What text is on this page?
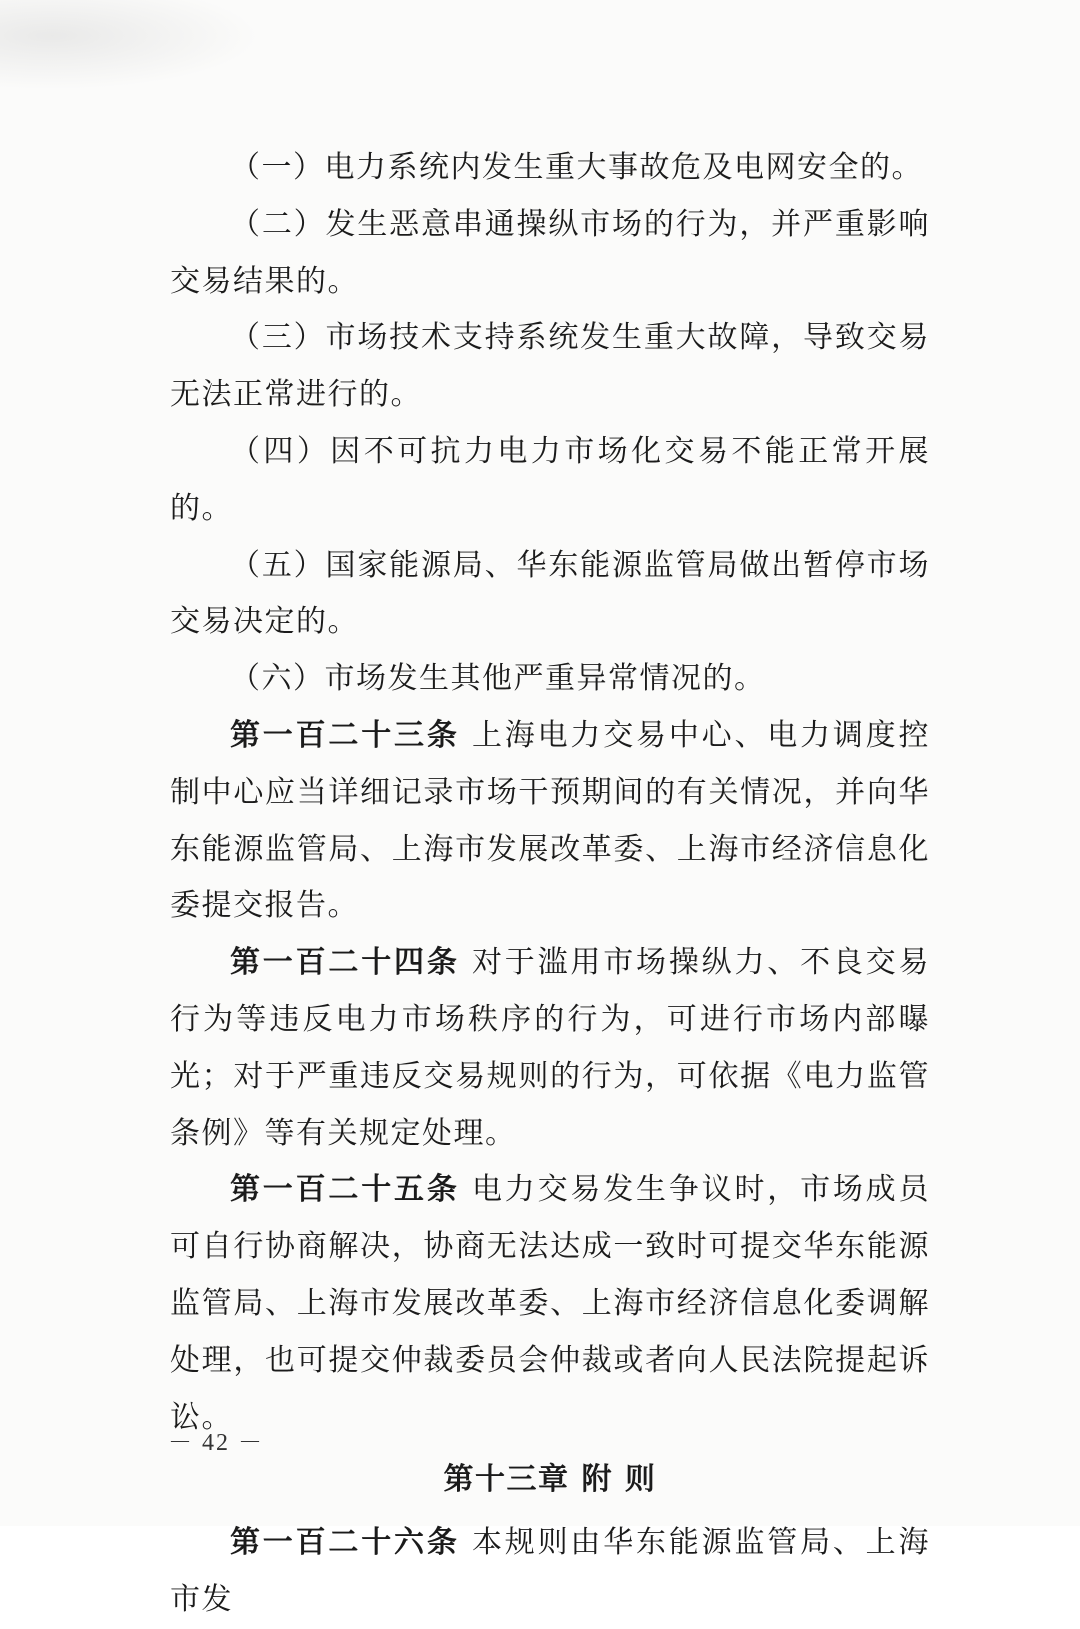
（一）电力系统内发生重大事故危及电网安全的。

（二）发生恶意串通操纵市场的行为，并严重影响交易结果的。

（三）市场技术支持系统发生重大故障，导致交易无法正常进行的。

（四）因不可抗力电力市场化交易不能正常开展的。

（五）国家能源局、华东能源监管局做出暂停市场交易决定的。

（六）市场发生其他严重异常情况的。

第一百二十三条 上海电力交易中心、电力调度控制中心应当详细记录市场干预期间的有关情况，并向华东能源监管局、上海市发展改革委、上海市经济信息化委提交报告。

第一百二十四条 对于滥用市场操纵力、不良交易行为等违反电力市场秩序的行为，可进行市场内部曝光；对于严重违反交易规则的行为，可依据《电力监管条例》等有关规定处理。

第一百二十五条 电力交易发生争议时，市场成员可自行协商解决，协商无法达成一致时可提交华东能源监管局、上海市发展改革委、上海市经济信息化委调解处理，也可提交仲裁委员会仲裁或者向人民法院提起诉讼。

第十三章 附 则

第一百二十六条 本规则由华东能源监管局、上海市发

－ 42 －
